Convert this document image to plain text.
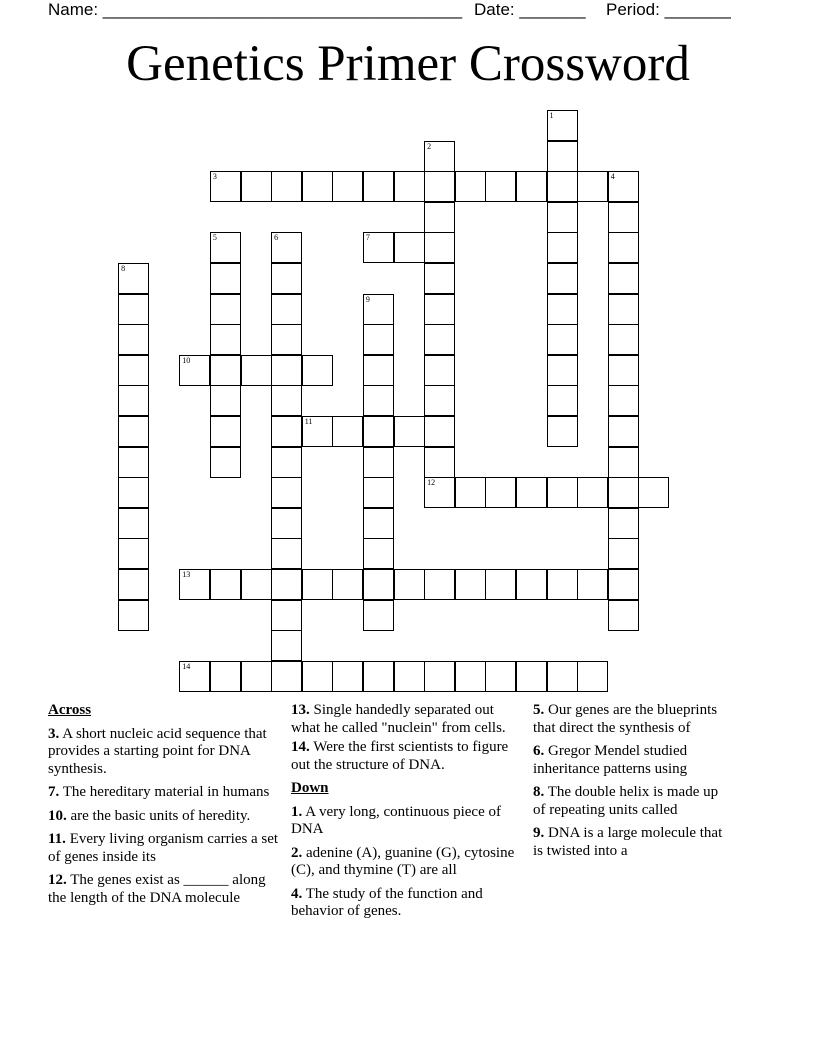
Name: ______________________________________ Date: _______ Period: _______
Genetics Primer Crossword
1
2
3	4
5	6	7
8
9
10
11
12
13
14
Across
3. A short nucleic acid sequence that provides a starting point for DNA synthesis.
7. The hereditary material in humans
10. are the basic units of heredity.
11. Every living organism carries a set of genes inside its
12. The genes exist as ______ along the length of the DNA molecule
13. Single handedly separated out what he called "nuclein" from cells.
14. Were the first scientists to figure out the structure of DNA.
Down
1. A very long, continuous piece of DNA
2. adenine (A), guanine (G), cytosine (C), and thymine (T) are all
4. The study of the function and behavior of genes.
5. Our genes are the blueprints that direct the synthesis of
6. Gregor Mendel studied inheritance patterns using
8. The double helix is made up of repeating units called
9. DNA is a large molecule that is twisted into a
